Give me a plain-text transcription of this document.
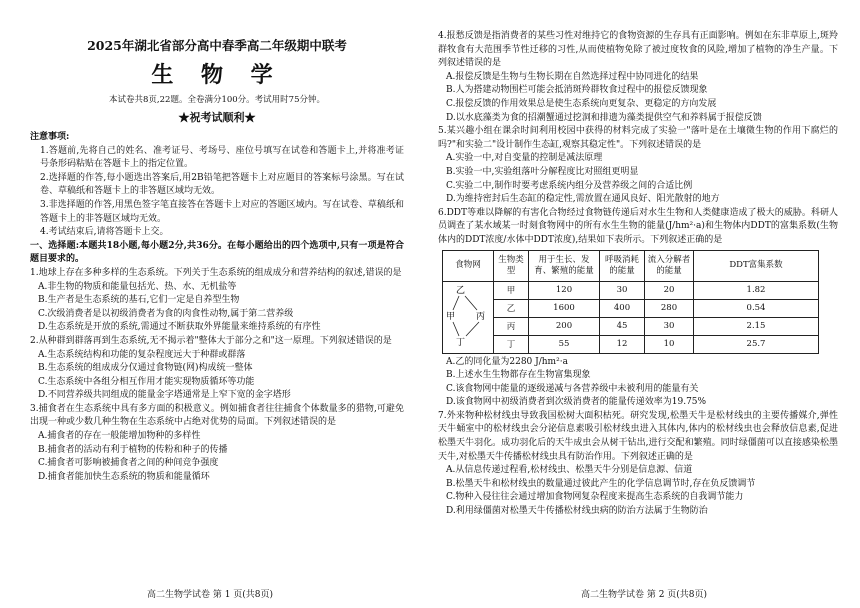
2025年湖北省部分高中春季高二年级期中联考

生 物 学

本试卷共8页,22题。全卷满分100分。考试用时75分钟。

★祝考试顺利★

注意事项:

1.答题前,先将自己的姓名、准考证号、考场号、座位号填写在试卷和答题卡上,并将准考证号条形码粘贴在答题卡上的指定位置。

2.选择题的作答,每小题选出答案后,用2B铅笔把答题卡上对应题目的答案标号涂黑。写在试卷、草稿纸和答题卡上的非答题区域均无效。

3.非选择题的作答,用黑色签字笔直接答在答题卡上对应的答题区域内。写在试卷、草稿纸和答题卡上的非答题区域均无效。

4.考试结束后,请将答题卡上交。

一、选择题:本题共18小题,每小题2分,共36分。在每小题给出的四个选项中,只有一项是符合题目要求的。

1.地球上存在多种多样的生态系统。下列关于生态系统的组成成分和营养结构的叙述,错误的是

A.非生物的物质和能量包括光、热、水、无机盐等

B.生产者是生态系统的基石,它们一定是自养型生物

C.次级消费者是以初级消费者为食的肉食性动物,属于第二营养级

D.生态系统是开放的系统,需通过不断获取外界能量来维持系统的有序性

2.从种群到群落再到生态系统,无不揭示着"整体大于部分之和"这一原理。下列叙述错误的是

A.生态系统结构和功能的复杂程度远大于种群或群落

B.生态系统的组成成分仅通过食物链(网)构成统一整体

C.生态系统中各组分相互作用才能实现物质循环等功能

D.不同营养级共同组成的能量金字塔通常是上窄下宽的金字塔形

3.捕食者在生态系统中具有多方面的积极意义。例如捕食者往往捕食个体数量多的猎物,可避免出现一种或少数几种生物在生态系统中占绝对优势的局面。下列叙述错误的是

A.捕食者的存在一般能增加物种的多样性

B.捕食者的活动有利于植物的传粉和种子的传播

C.捕食者可影响被捕食者之间的种间竞争强度

D.捕食者能加快生态系统的物质和能量循环

高二生物学试卷 第 1 页(共8页)

4.报愁反馈是指消费者的某些习性对维持它的食物资源的生存具有正面影响。例如在东非草原上,斑羚群牧食有大范围季节性迁移的习性,从而使植物免除了被过度牧食的风险,增加了植物的净生产量。下列叙述错误的是

A.报偿反馈是生物与生物长期在自然选择过程中协同进化的结果

B.人为搭建动物围栏可能会抵消斑羚群牧食过程中的报偿反馈现象

C.报偿反馈的作用效果总是使生态系统向更复杂、更稳定的方向发展

D.以水底藻类为食的招潮蟹通过挖洞和排遗为藻类提供空气和养料属于报偿反馈

5.某兴趣小组在课余时间利用校园中获得的材料完成了实验一"落叶是在土壤微生物的作用下腐烂的吗?"和实验二"设计制作生态缸,观察其稳定性"。下列叙述错误的是

A.实验一中,对自变量的控制是减法原理

B.实验一中,实验组落叶分解程度比对照组更明显

C.实验二中,制作时要考虑系统内组分及营养级之间的合适比例

D.为维持密封后生态缸的稳定性,需放置在通风良好、阳光散射的地方

6.DDT等难以降解的有害化合物经过食物链传递后对水生生物和人类健康造成了极大的威胁。科研人员调查了某水域某一时刻食物网中的所有水生生物的能量(J/hm²·a)和生物体内DDT的富集系数(生物体内的DDT浓度/水体中DDT浓度),结果如下表所示。下列叙述正确的是

食物网	生物类型	用于生长、发育、繁殖的能量	呼吸消耗的能量	流入分解者的能量	DDT富集系数

乙
甲 丙
丁	甲	120	30	20	1.82
	乙	1600	400	280	0.54
	丙	200	45	30	2.15
	丁	55	12	10	25.7

A.乙的同化量为2280 J/hm²·a

B.上述水生生物都存在生物富集现象

C.该食物网中能量的逐级递减与各营养级中未被利用的能量有关

D.该食物网中初级消费者到次级消费者的能量传递效率为19.75%

7.外来物种松材线虫导致我国松树大面积枯死。研究发现,松墨天牛是松材线虫的主要传播媒介,弹性天牛蛹室中的松材线虫会分泌信息素吸引松材线虫进入其体内,体内的松材线虫也会释放信息素,促进松墨天牛羽化。成功羽化后的天牛成虫会从树干钻出,进行交配和繁殖。同时绿僵菌可以直接感染松墨天牛,对松墨天牛传播松材线虫具有防治作用。下列叙述正确的是

A.从信息传递过程看,松材线虫、松墨天牛分别是信息源、信道

B.松墨天牛和松材线虫的数量通过彼此产生的化学信息调节时,存在负反馈调节

C.物种入侵往往会通过增加食物网复杂程度来提高生态系统的自我调节能力

D.利用绿僵菌对松墨天牛传播松材线虫病的防治方法属于生物防治

高二生物学试卷 第 2 页(共8页)
